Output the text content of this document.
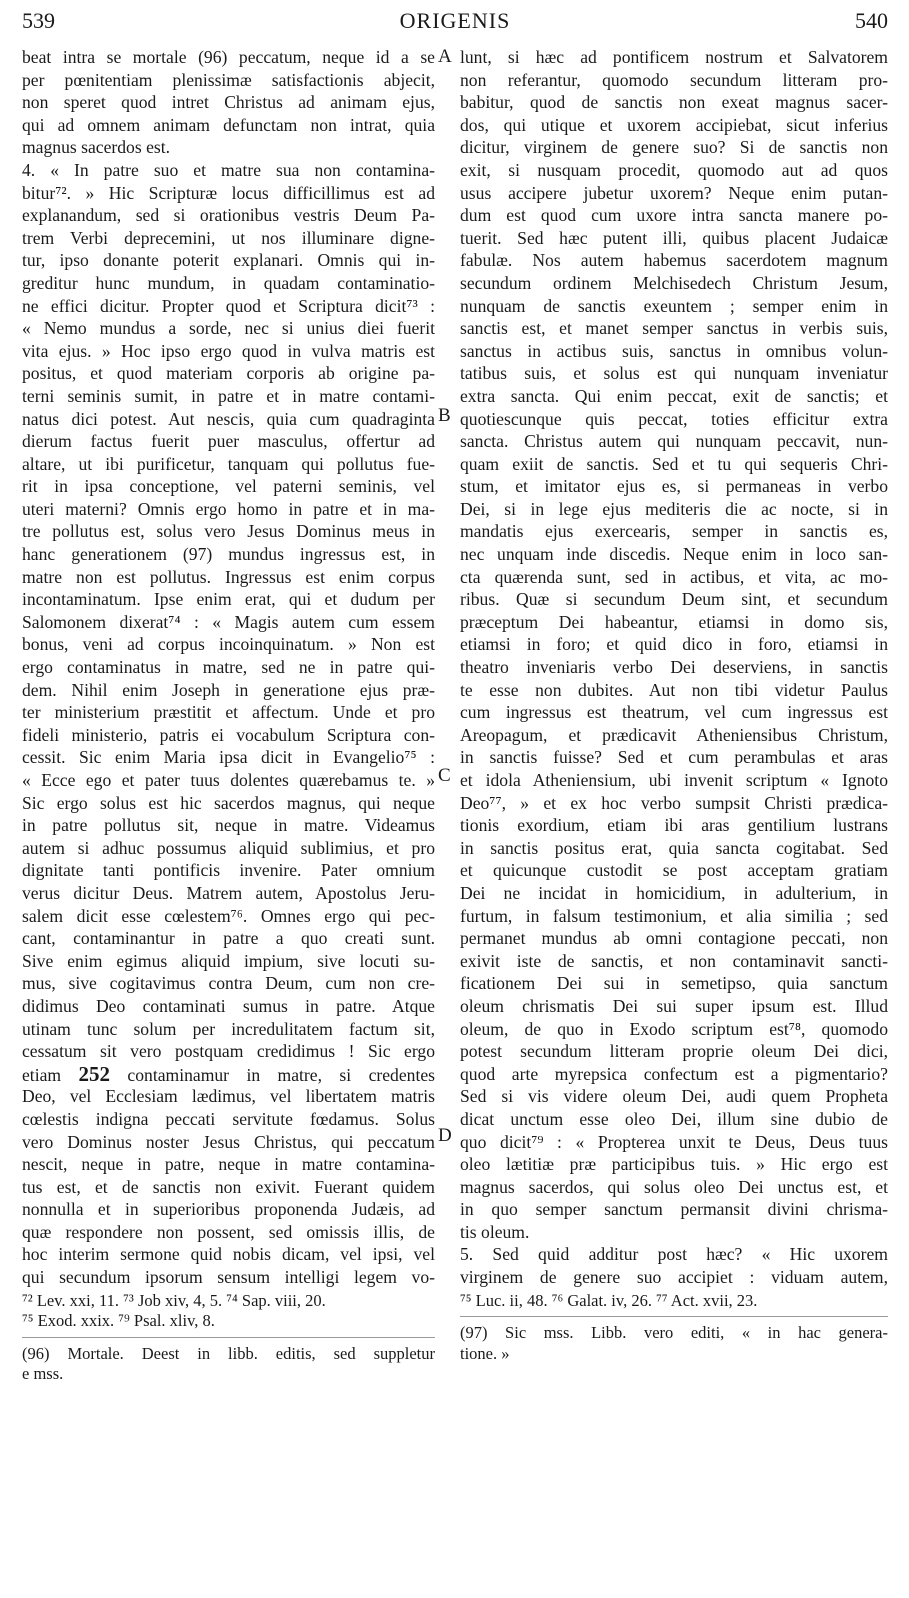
539	ORIGENIS	540
A
B
C
D
beat intra se mortale (96) peccatum, neque id a se
per pœnitentiam plenissimæ satisfactionis abjecit,
non speret quod intret Christus ad animam ejus,
qui ad omnem animam defunctam non intrat, quia
magnus sacerdos est.
4. « In patre suo et matre sua non contamina-
bitur⁷². » Hic Scripturæ locus difficillimus est ad
explanandum, sed si orationibus vestris Deum Pa-
trem Verbi deprecemini, ut nos illuminare digne-
tur, ipso donante poterit explanari. Omnis qui in-
greditur hunc mundum, in quadam contaminatio-
ne effici dicitur. Propter quod et Scriptura dicit⁷³ :
« Nemo mundus a sorde, nec si unius diei fuerit
vita ejus. » Hoc ipso ergo quod in vulva matris est
positus, et quod materiam corporis ab origine pa-
terni seminis sumit, in patre et in matre contami-
natus dici potest. Aut nescis, quia cum quadraginta
dierum factus fuerit puer masculus, offertur ad
altare, ut ibi purificetur, tanquam qui pollutus fue-
rit in ipsa conceptione, vel paterni seminis, vel
uteri materni? Omnis ergo homo in patre et in ma-
tre pollutus est, solus vero Jesus Dominus meus in
hanc generationem (97) mundus ingressus est, in
matre non est pollutus. Ingressus est enim corpus
incontaminatum. Ipse enim erat, qui et dudum per
Salomonem dixerat⁷⁴ : « Magis autem cum essem
bonus, veni ad corpus incoinquinatum. » Non est
ergo contaminatus in matre, sed ne in patre qui-
dem. Nihil enim Joseph in generatione ejus præ-
ter ministerium præstitit et affectum. Unde et pro
fideli ministerio, patris ei vocabulum Scriptura con-
cessit. Sic enim Maria ipsa dicit in Evangelio⁷⁵ :
« Ecce ego et pater tuus dolentes quærebamus te. »
Sic ergo solus est hic sacerdos magnus, qui neque
in patre pollutus sit, neque in matre. Videamus
autem si adhuc possumus aliquid sublimius, et pro
dignitate tanti pontificis invenire. Pater omnium
verus dicitur Deus. Matrem autem, Apostolus Jeru-
salem dicit esse cœlestem⁷⁶. Omnes ergo qui pec-
cant, contaminantur in patre a quo creati sunt.
Sive enim egimus aliquid impium, sive locuti su-
mus, sive cogitavimus contra Deum, cum non cre-
didimus Deo contaminati sumus in patre. Atque
utinam tunc solum per incredulitatem factum sit,
cessatum sit vero postquam credidimus ! Sic ergo
etiam 252 contaminamur in matre, si credentes
Deo, vel Ecclesiam lædimus, vel libertatem matris
cœlestis indigna peccati servitute fœdamus. Solus
vero Dominus noster Jesus Christus, qui peccatum
nescit, neque in patre, neque in matre contamina-
tus est, et de sanctis non exivit. Fuerant quidem
nonnulla et in superioribus proponenda Judæis, ad
quæ respondere non possent, sed omissis illis, de
hoc interim sermone quid nobis dicam, vel ipsi, vel
qui secundum ipsorum sensum intelligi legem vo-
⁷² Lev. xxi, 11. ⁷³ Job xiv, 4, 5. ⁷⁴ Sap. viii, 20.
⁷⁵ Exod. xxix. ⁷⁹ Psal. xliv, 8.
(96) Mortale. Deest in libb. editis, sed suppletur
e mss.
lunt, si hæc ad pontificem nostrum et Salvatorem
non referantur, quomodo secundum litteram pro-
babitur, quod de sanctis non exeat magnus sacer-
dos, qui utique et uxorem accipiebat, sicut inferius
dicitur, virginem de genere suo? Si de sanctis non
exit, si nusquam procedit, quomodo aut ad quos
usus accipere jubetur uxorem? Neque enim putan-
dum est quod cum uxore intra sancta manere po-
tuerit. Sed hæc putent illi, quibus placent Judaicæ
fabulæ. Nos autem habemus sacerdotem magnum
secundum ordinem Melchisedech Christum Jesum,
nunquam de sanctis exeuntem ; semper enim in
sanctis est, et manet semper sanctus in verbis suis,
sanctus in actibus suis, sanctus in omnibus volun-
tatibus suis, et solus est qui nunquam inveniatur
extra sancta. Qui enim peccat, exit de sanctis; et
quotiescunque quis peccat, toties efficitur extra
sancta. Christus autem qui nunquam peccavit, nun-
quam exiit de sanctis. Sed et tu qui sequeris Chri-
stum, et imitator ejus es, si permaneas in verbo
Dei, si in lege ejus mediteris die ac nocte, si in
mandatis ejus exercearis, semper in sanctis es,
nec unquam inde discedis. Neque enim in loco san-
cta quærenda sunt, sed in actibus, et vita, ac mo-
ribus. Quæ si secundum Deum sint, et secundum
præceptum Dei habeantur, etiamsi in domo sis,
etiamsi in foro; et quid dico in foro, etiamsi in
theatro inveniaris verbo Dei deserviens, in sanctis
te esse non dubites. Aut non tibi videtur Paulus
cum ingressus est theatrum, vel cum ingressus est
Areopagum, et prædicavit Atheniensibus Christum,
in sanctis fuisse? Sed et cum perambulas et aras
et idola Atheniensium, ubi invenit scriptum « Ignoto
Deo⁷⁷, » et ex hoc verbo sumpsit Christi prædica-
tionis exordium, etiam ibi aras gentilium lustrans
in sanctis positus erat, quia sancta cogitabat. Sed
et quicunque custodit se post acceptam gratiam
Dei ne incidat in homicidium, in adulterium, in
furtum, in falsum testimonium, et alia similia ; sed
permanet mundus ab omni contagione peccati, non
exivit iste de sanctis, et non contaminavit sancti-
ficationem Dei sui in semetipso, quia sanctum
oleum chrismatis Dei sui super ipsum est. Illud
oleum, de quo in Exodo scriptum est⁷⁸, quomodo
potest secundum litteram proprie oleum Dei dici,
quod arte myrepsica confectum est a pigmentario?
Sed si vis videre oleum Dei, audi quem Propheta
dicat unctum esse oleo Dei, illum sine dubio de
quo dicit⁷⁹ : « Propterea unxit te Deus, Deus tuus
oleo lætitiæ præ participibus tuis. » Hic ergo est
magnus sacerdos, qui solus oleo Dei unctus est, et
in quo semper sanctum permansit divini chrisma-
tis oleum.
5. Sed quid additur post hæc? « Hic uxorem
virginem de genere suo accipiet : viduam autem,
⁷⁵ Luc. ii, 48. ⁷⁶ Galat. iv, 26. ⁷⁷ Act. xvii, 23.
(97) Sic mss. Libb. vero editi, « in hac genera-
tione. »
